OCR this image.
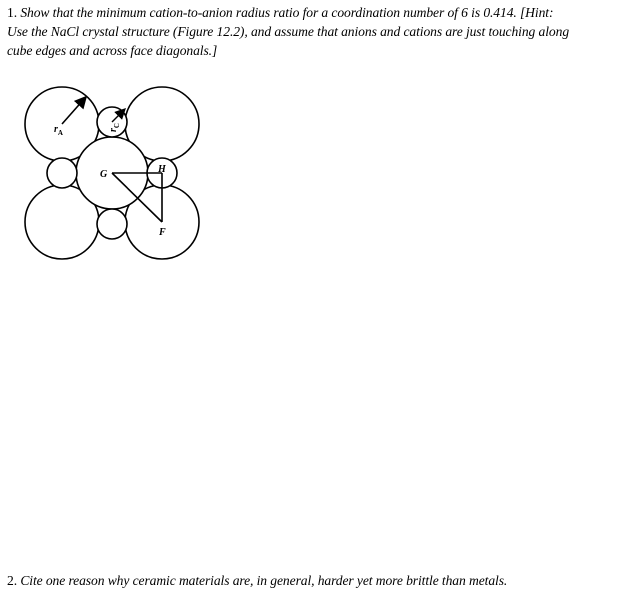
1. Show that the minimum cation-to-anion radius ratio for a coordination number of 6 is 0.414. [Hint:
Use the NaCl crystal structure (Figure 12.2), and assume that anions and cations are just touching along
cube edges and across face diagonals.]
$r_A$	$r_C$
G	H
F
2. Cite one reason why ceramic materials are, in general, harder yet more brittle than metals.
